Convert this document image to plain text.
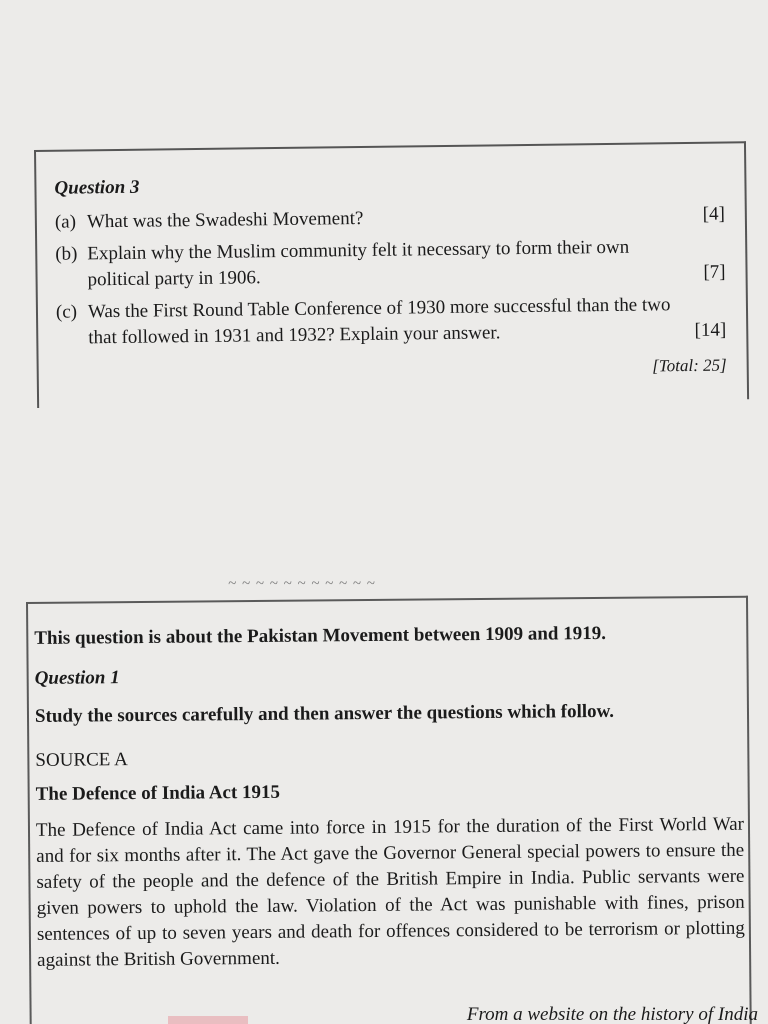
Question 3
(a) What was the Swadeshi Movement?	[4]
(b) Explain why the Muslim community felt it necessary to form their own political party in 1906.	[7]
(c) Was the First Round Table Conference of 1930 more successful than the two that followed in 1931 and 1932? Explain your answer.	[14]
[Total: 25]
~ ~ ~ ~ ~ ~ ~ ~ ~ ~ ~
This question is about the Pakistan Movement between 1909 and 1919.
Question 1
Study the sources carefully and then answer the questions which follow.
SOURCE A
The Defence of India Act 1915
The Defence of India Act came into force in 1915 for the duration of the First World War and for six months after it. The Act gave the Governor General special powers to ensure the safety of the people and the defence of the British Empire in India. Public servants were given powers to uphold the law. Violation of the Act was punishable with fines, prison sentences of up to seven years and death for offences considered to be terrorism or plotting against the British Government.
From a website on the history of India
